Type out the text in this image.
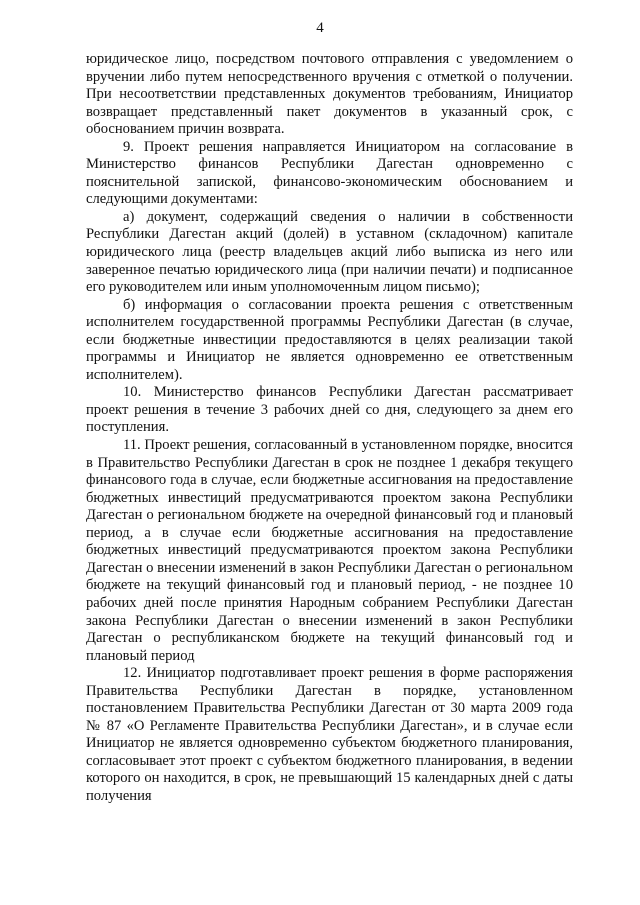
4

юридическое лицо, посредством почтового отправления с уведомлением о вручении либо путем непосредственного вручения с отметкой о получении. При несоответствии представленных документов требованиям, Инициатор возвращает представленный пакет документов в указанный срок, с обоснованием причин возврата.

9. Проект решения направляется Инициатором на согласование в Министерство финансов Республики Дагестан одновременно с пояснительной запиской, финансово-экономическим обоснованием и следующими документами:

а) документ, содержащий сведения о наличии в собственности Республики Дагестан акций (долей) в уставном (складочном) капитале юридического лица (реестр владельцев акций либо выписка из него или заверенное печатью юридического лица (при наличии печати) и подписанное его руководителем или иным уполномоченным лицом письмо);

б) информация о согласовании проекта решения с ответственным исполнителем государственной программы Республики Дагестан (в случае, если бюджетные инвестиции предоставляются в целях реализации такой программы и Инициатор не является одновременно ее ответственным исполнителем).

10. Министерство финансов Республики Дагестан рассматривает проект решения в течение 3 рабочих дней со дня, следующего за днем его поступления.

11. Проект решения, согласованный в установленном порядке, вносится в Правительство Республики Дагестан в срок не позднее 1 декабря текущего финансового года в случае, если бюджетные ассигнования на предоставление бюджетных инвестиций предусматриваются проектом закона Республики Дагестан о региональном бюджете на очередной финансовый год и плановый период, а в случае если бюджетные ассигнования на предоставление бюджетных инвестиций предусматриваются проектом закона Республики Дагестан о внесении изменений в закон Республики Дагестан о региональном бюджете на текущий финансовый год и плановый период, - не позднее 10 рабочих дней после принятия Народным собранием Республики Дагестан закона Республики Дагестан о внесении изменений в закон Республики Дагестан о республиканском бюджете на текущий финансовый год и плановый период

12. Инициатор подготавливает проект решения в форме распоряжения Правительства Республики Дагестан в порядке, установленном постановлением Правительства Республики Дагестан от 30 марта 2009 года № 87 «О Регламенте Правительства Республики Дагестан», и в случае если Инициатор не является одновременно субъектом бюджетного планирования, согласовывает этот проект с субъектом бюджетного планирования, в ведении которого он находится, в срок, не превышающий 15 календарных дней с даты получения
